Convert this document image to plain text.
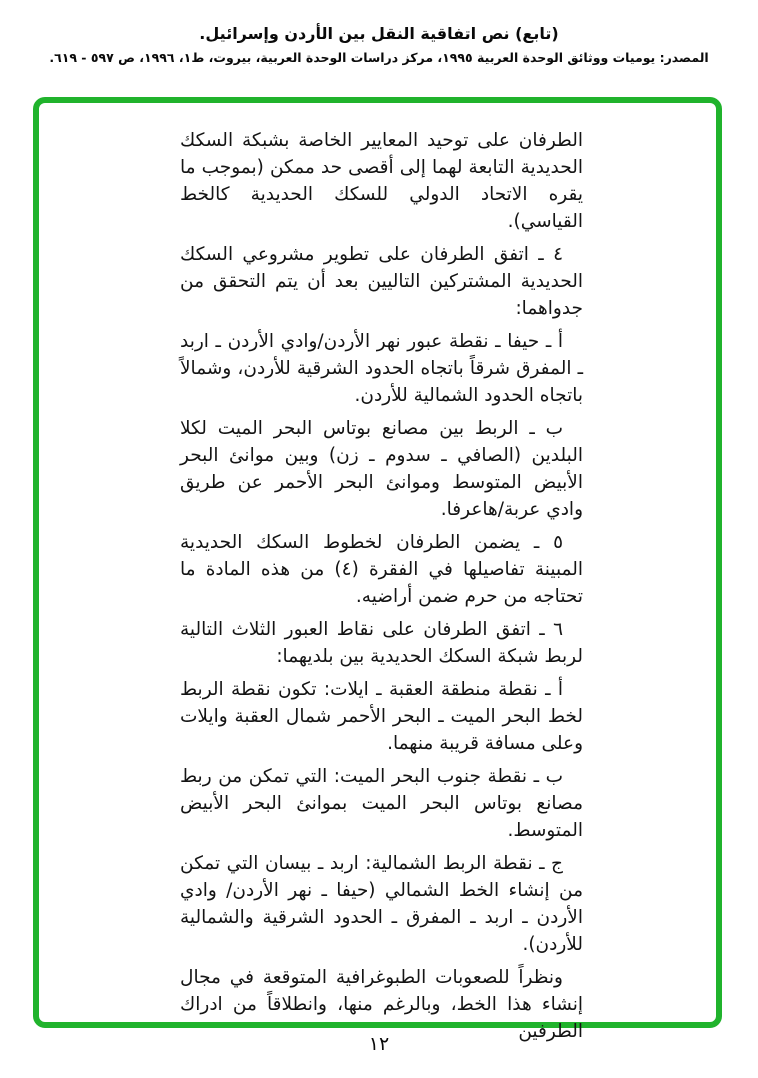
(تابع) نص اتفاقية النقل بين الأردن وإسرائيل.
المصدر: يوميات ووثائق الوحدة العربية ١٩٩٥، مركز دراسات الوحدة العربية، بيروت، ط١، ١٩٩٦، ص ٥٩٧ - ٦١٩.

الطرفان على توحيد المعايير الخاصة بشبكة السكك الحديدية التابعة لهما إلى أقصى حد ممكن (بموجب ما يقره الاتحاد الدولي للسكك الحديدية كالخط القياسي).

٤ ـ اتفق الطرفان على تطوير مشروعي السكك الحديدية المشتركين التاليين بعد أن يتم التحقق من جدواهما:

أ ـ حيفا ـ نقطة عبور نهر الأردن/وادي الأردن ـ اربد ـ المفرق شرقاً باتجاه الحدود الشرقية للأردن، وشمالاً باتجاه الحدود الشمالية للأردن.

ب ـ الربط بين مصانع بوتاس البحر الميت لكلا البلدين (الصافي ـ سدوم ـ زن) وبين موانئ البحر الأبيض المتوسط وموانئ البحر الأحمر عن طريق وادي عربة/هاعرفا.

٥ ـ يضمن الطرفان لخطوط السكك الحديدية المبينة تفاصيلها في الفقرة (٤) من هذه المادة ما تحتاجه من حرم ضمن أراضيه.

٦ ـ اتفق الطرفان على نقاط العبور الثلاث التالية لربط شبكة السكك الحديدية بين بلديهما:

أ ـ نقطة منطقة العقبة ـ ايلات: تكون نقطة الربط لخط البحر الميت ـ البحر الأحمر شمال العقبة وايلات وعلى مسافة قريبة منهما.

ب ـ نقطة جنوب البحر الميت: التي تمكن من ربط مصانع بوتاس البحر الميت بموانئ البحر الأبيض المتوسط.

ج ـ نقطة الربط الشمالية: اربد ـ بيسان التي تمكن من إنشاء الخط الشمالي (حيفا ـ نهر الأردن/ وادي الأردن ـ اربد ـ المفرق ـ الحدود الشرقية والشمالية للأردن).

ونظراً للصعوبات الطبوغرافية المتوقعة في مجال إنشاء هذا الخط، وبالرغم منها، وانطلاقاً من ادراك الطرفين

١٢
